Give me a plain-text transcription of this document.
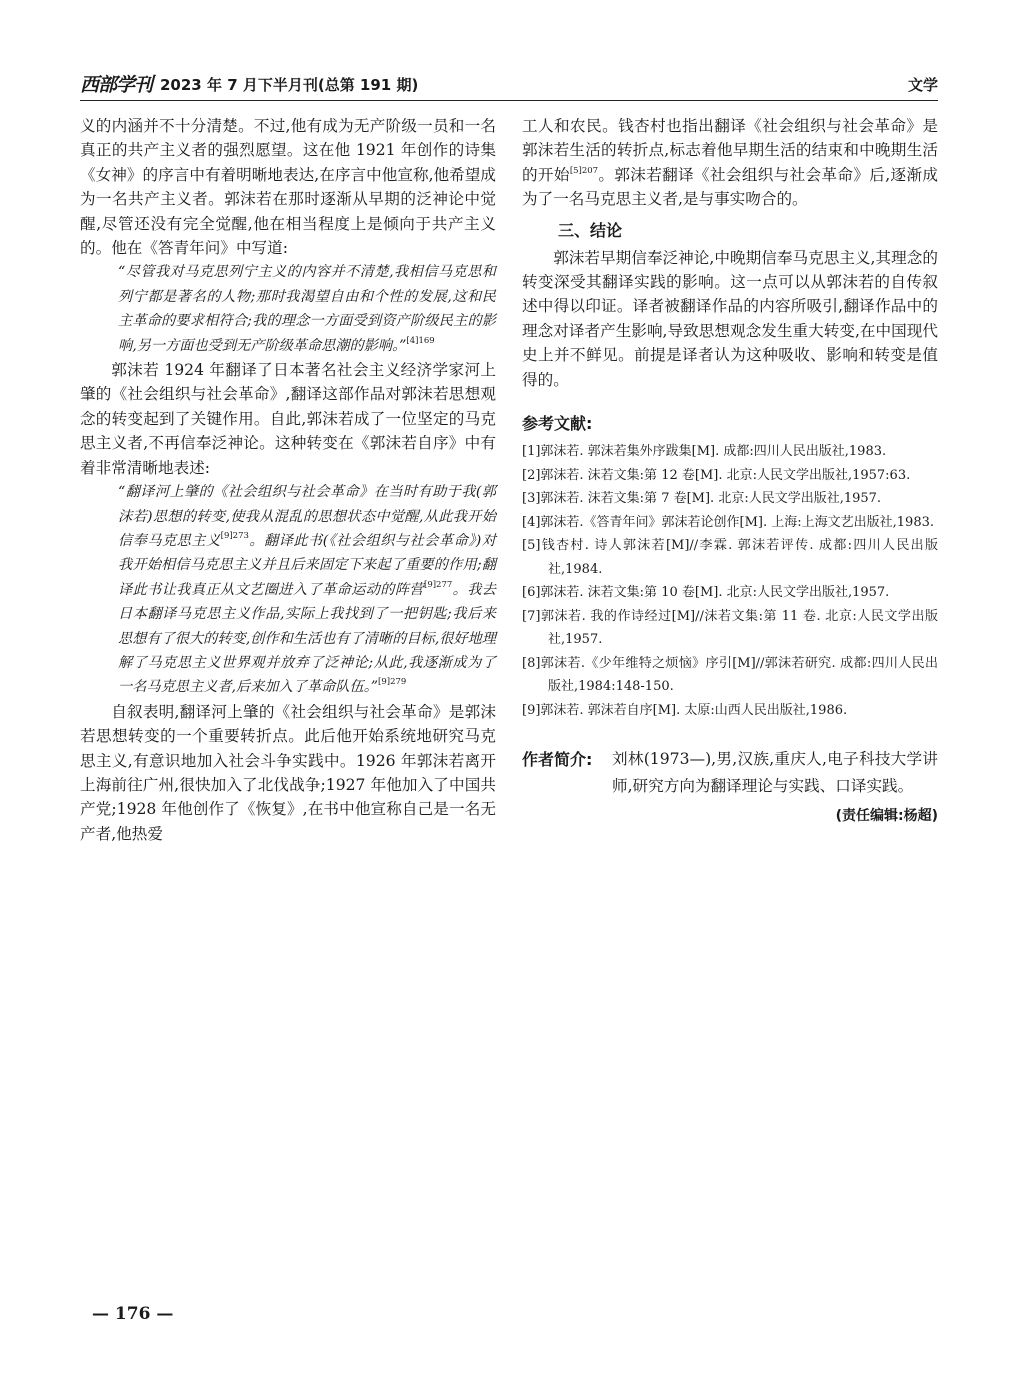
西部学刊 2023 年 7 月下半月刊(总第 191 期)	文学

义的内涵并不十分清楚。不过,他有成为无产阶级一员和一名真正的共产主义者的强烈愿望。这在他 1921 年创作的诗集《女神》的序言中有着明晰地表达,在序言中他宣称,他希望成为一名共产主义者。郭沫若在那时逐渐从早期的泛神论中觉醒,尽管还没有完全觉醒,他在相当程度上是倾向于共产主义的。他在《答青年问》中写道:

“尽管我对马克思列宁主义的内容并不清楚,我相信马克思和列宁都是著名的人物;那时我渴望自由和个性的发展,这和民主革命的要求相符合;我的理念一方面受到资产阶级民主的影响,另一方面也受到无产阶级革命思潮的影响。”$^{[4]169}$

郭沫若 1924 年翻译了日本著名社会主义经济学家河上肇的《社会组织与社会革命》,翻译这部作品对郭沫若思想观念的转变起到了关键作用。自此,郭沫若成了一位坚定的马克思主义者,不再信奉泛神论。这种转变在《郭沫若自序》中有着非常清晰地表述:

“翻译河上肇的《社会组织与社会革命》在当时有助于我(郭沫若)思想的转变,使我从混乱的思想状态中觉醒,从此我开始信奉马克思主义$^{[9]273}$。翻译此书(《社会组织与社会革命》)对我开始相信马克思主义并且后来固定下来起了重要的作用;翻译此书让我真正从文艺圈进入了革命运动的阵营$^{[9]277}$。我去日本翻译马克思主义作品,实际上我找到了一把钥匙;我后来思想有了很大的转变,创作和生活也有了清晰的目标,很好地理解了马克思主义世界观并放弃了泛神论;从此,我逐渐成为了一名马克思主义者,后来加入了革命队伍。”$^{[9]279}$

自叙表明,翻译河上肇的《社会组织与社会革命》是郭沫若思想转变的一个重要转折点。此后他开始系统地研究马克思主义,有意识地加入社会斗争实践中。1926 年郭沫若离开上海前往广州,很快加入了北伐战争;1927 年他加入了中国共产党;1928 年他创作了《恢复》,在书中他宣称自己是一名无产者,他热爱

工人和农民。钱杏村也指出翻译《社会组织与社会革命》是郭沫若生活的转折点,标志着他早期生活的结束和中晚期生活的开始$^{[5]207}$。郭沫若翻译《社会组织与社会革命》后,逐渐成为了一名马克思主义者,是与事实吻合的。

三、结论

郭沫若早期信奉泛神论,中晚期信奉马克思主义,其理念的转变深受其翻译实践的影响。这一点可以从郭沫若的自传叙述中得以印证。译者被翻译作品的内容所吸引,翻译作品中的理念对译者产生影响,导致思想观念发生重大转变,在中国现代史上并不鲜见。前提是译者认为这种吸收、影响和转变是值得的。

参考文献:

[1]郭沫若. 郭沫若集外序跋集[M]. 成都:四川人民出版社,1983.

[2]郭沫若. 沫若文集:第 12 卷[M]. 北京:人民文学出版社,1957:63.

[3]郭沫若. 沫若文集:第 7 卷[M]. 北京:人民文学出版社,1957.

[4]郭沫若.《答青年问》郭沫若论创作[M]. 上海:上海文艺出版社,1983.

[5]钱杏村. 诗人郭沫若[M]//李霖. 郭沫若评传. 成都:四川人民出版社,1984.

[6]郭沫若. 沫若文集:第 10 卷[M]. 北京:人民文学出版社,1957.

[7]郭沫若. 我的作诗经过[M]//沫若文集:第 11 卷. 北京:人民文学出版社,1957.

[8]郭沫若.《少年维特之烦恼》序引[M]//郭沫若研究. 成都:四川人民出版社,1984:148-150.

[9]郭沫若. 郭沫若自序[M]. 太原:山西人民出版社,1986.

作者简介: 刘林(1973—),男,汉族,重庆人,电子科技大学讲师,研究方向为翻译理论与实践、口译实践。

(责任编辑:杨超)
— 176 —
